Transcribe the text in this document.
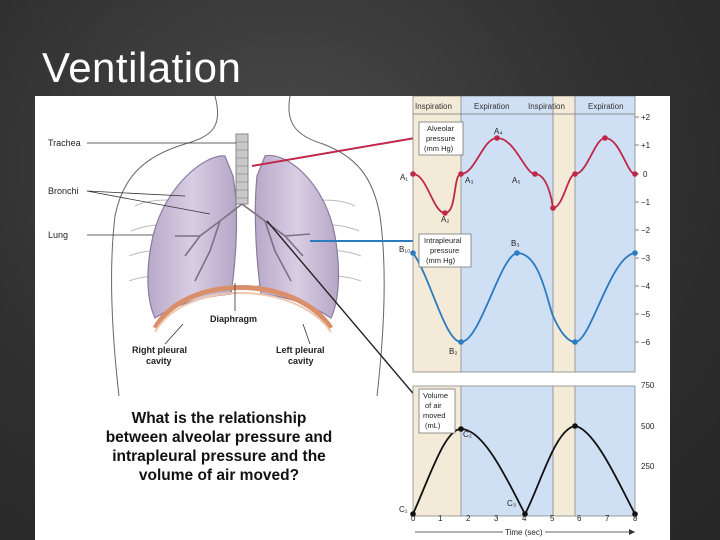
Ventilation
Trachea
Bronchi
Lung
Diaphragm
Right pleural
cavity
Left pleural
cavity
Inspiration	Expiration Inspiration	Expiration
+2
+1
0
−1
−2
−3
−4
−5
−6
750
500
250
A₁
A₂
A₃
A₄
A₅
B₁₀
B₂
B₃
C₁
C₂
C₃
Alveolar
pressure
(mm Hg)
Intrapleural
pressure
(mm Hg)
Volume
of air
moved
(mL)
0	1	2	3	4	5	6	7	8
Time (sec)
What is the relationship between alveolar pressure and intrapleural pressure and the volume of air moved?
